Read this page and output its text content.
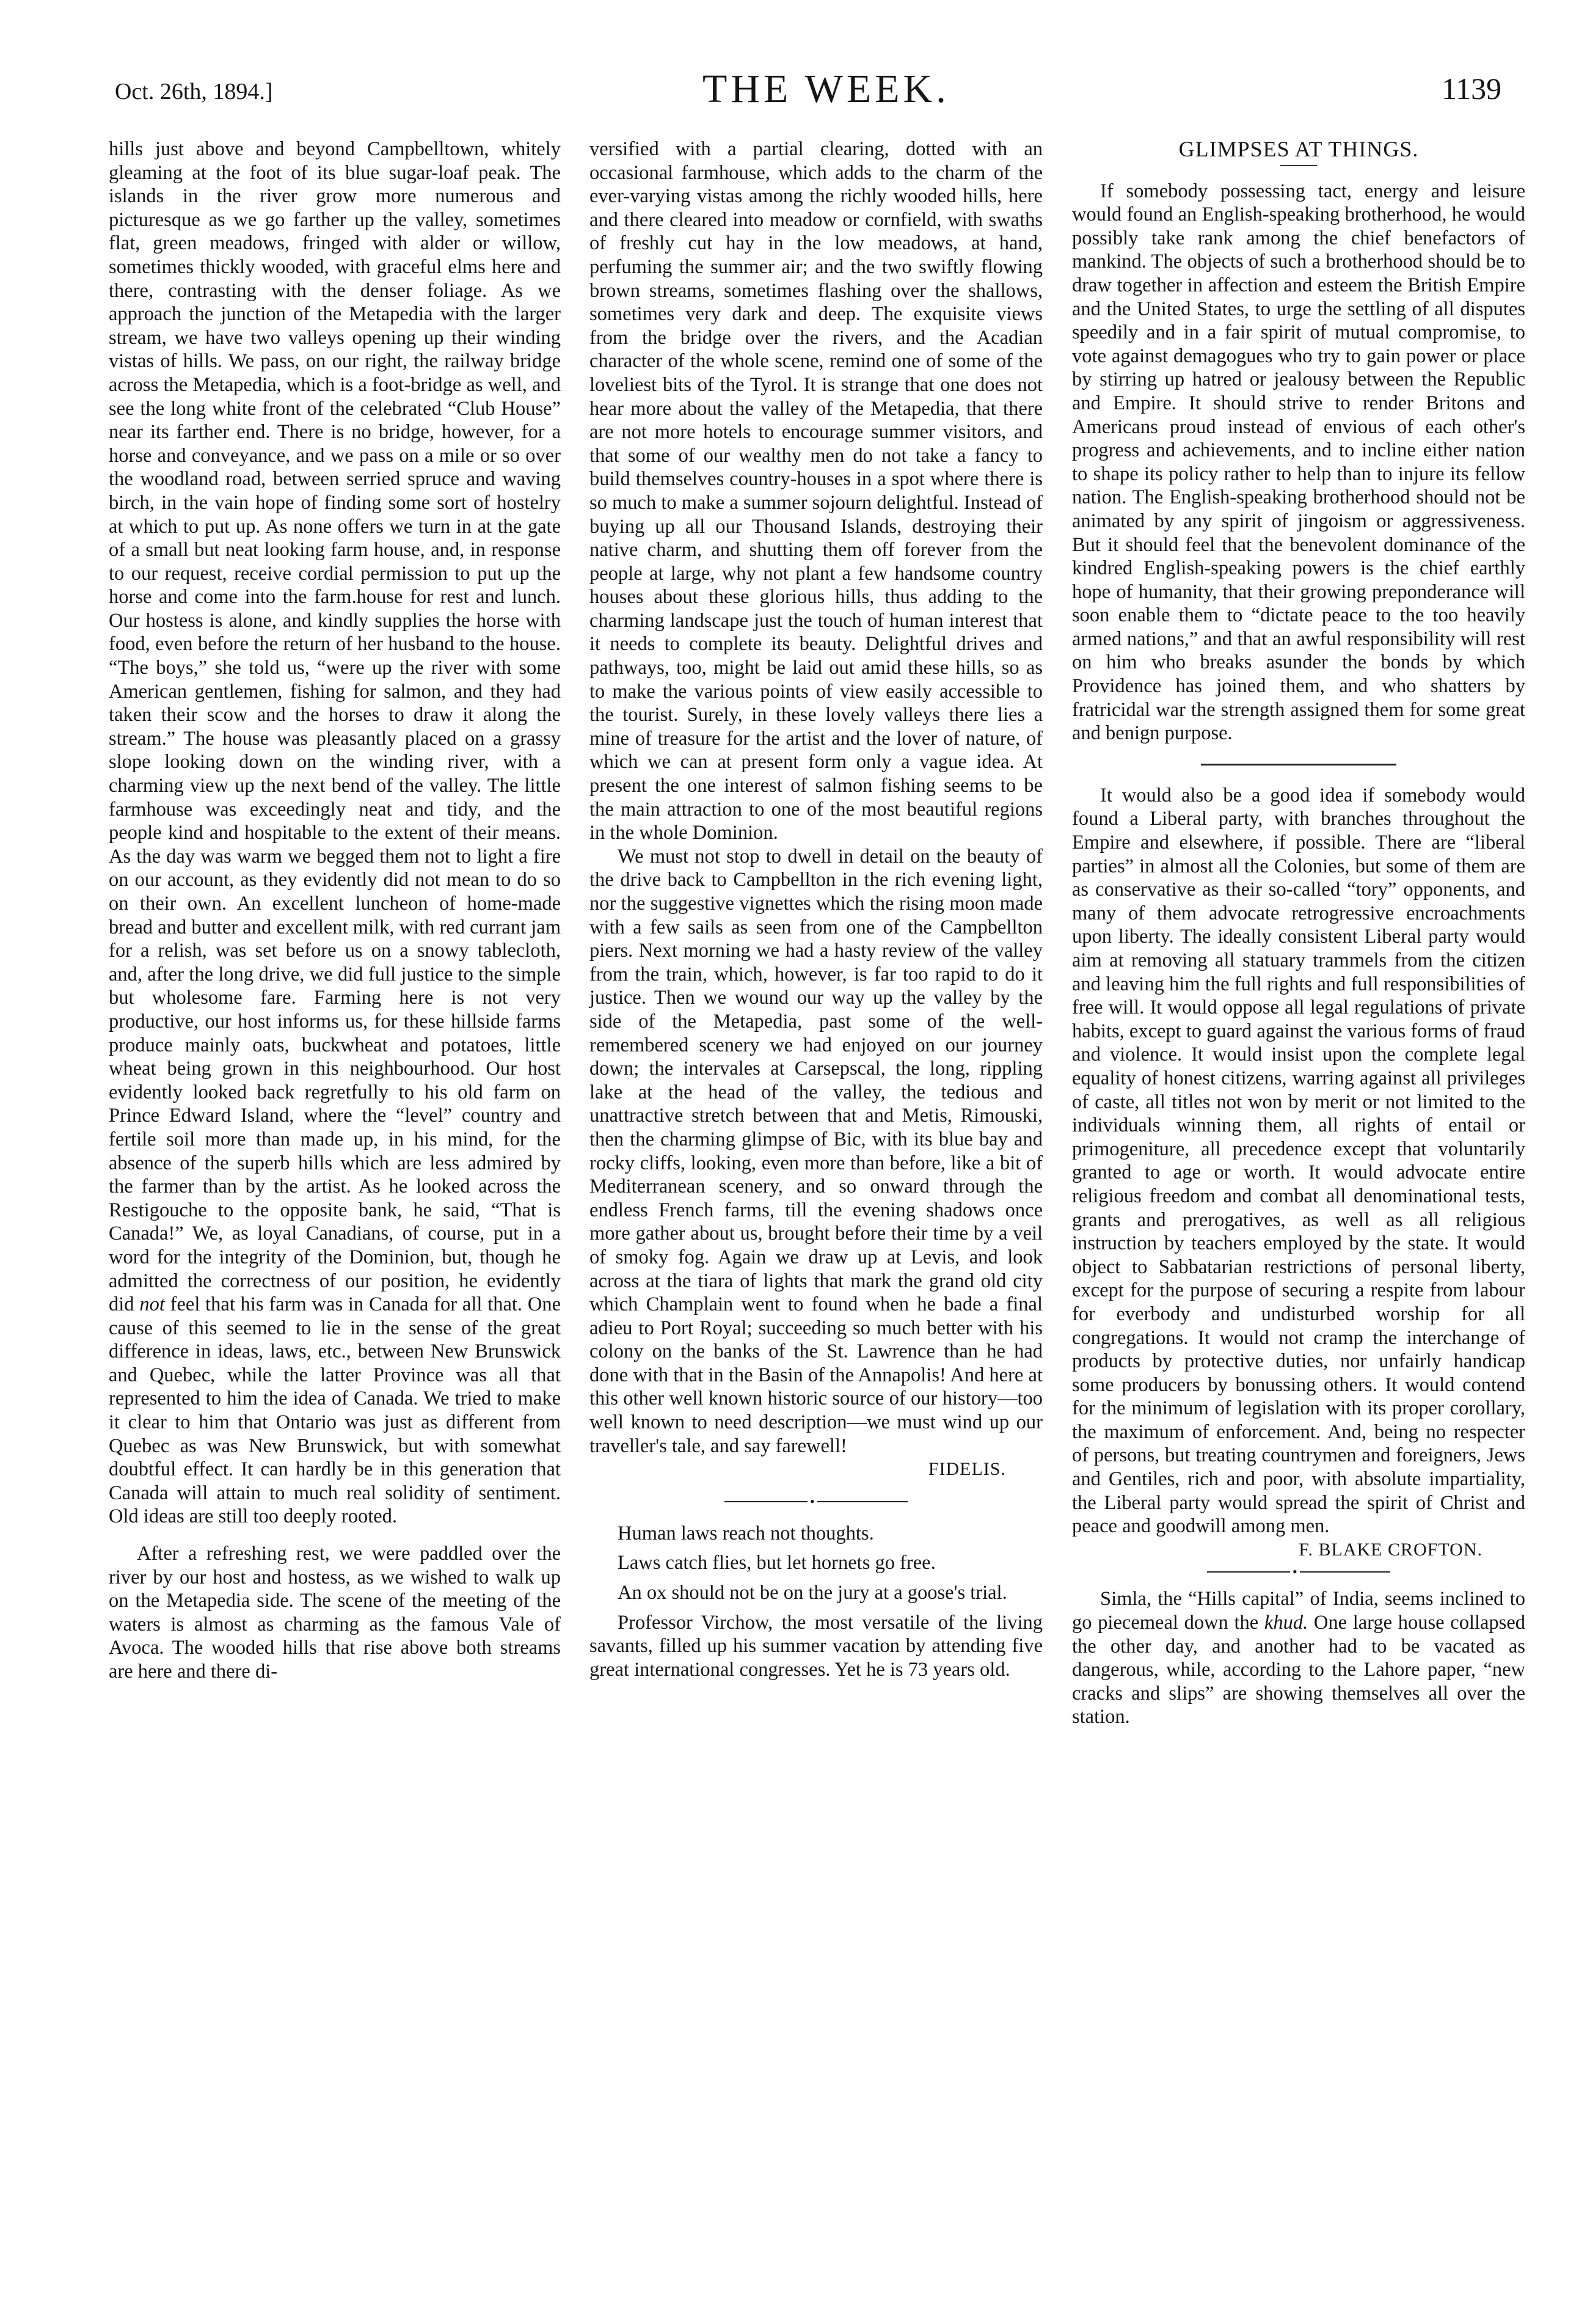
Oct. 26th, 1894.]	THE WEEK.	1139

hills just above and beyond Campbelltown, whitely gleaming at the foot of its blue sugar-loaf peak. The islands in the river grow more numerous and picturesque as we go farther up the valley, sometimes flat, green meadows, fringed with alder or willow, sometimes thickly wooded, with graceful elms here and there, contrasting with the denser foliage. As we approach the junction of the Metapedia with the larger stream, we have two valleys opening up their winding vistas of hills. We pass, on our right, the railway bridge across the Metapedia, which is a foot-bridge as well, and see the long white front of the celebrated “Club House” near its farther end. There is no bridge, however, for a horse and conveyance, and we pass on a mile or so over the woodland road, between serried spruce and waving birch, in the vain hope of finding some sort of hostelry at which to put up. As none offers we turn in at the gate of a small but neat looking farm house, and, in response to our request, receive cordial permission to put up the horse and come into the farm.house for rest and lunch. Our hostess is alone, and kindly supplies the horse with food, even before the return of her husband to the house. “The boys,” she told us, “were up the river with some American gentlemen, fishing for salmon, and they had taken their scow and the horses to draw it along the stream.” The house was pleasantly placed on a grassy slope looking down on the winding river, with a charming view up the next bend of the valley. The little farmhouse was exceedingly neat and tidy, and the people kind and hospitable to the extent of their means. As the day was warm we begged them not to light a fire on our account, as they evidently did not mean to do so on their own. An excellent luncheon of home-made bread and butter and excellent milk, with red currant jam for a relish, was set before us on a snowy tablecloth, and, after the long drive, we did full justice to the simple but wholesome fare. Farming here is not very productive, our host informs us, for these hillside farms produce mainly oats, buckwheat and potatoes, little wheat being grown in this neighbourhood. Our host evidently looked back regretfully to his old farm on Prince Edward Island, where the “level” country and fertile soil more than made up, in his mind, for the absence of the superb hills which are less admired by the farmer than by the artist. As he looked across the Restigouche to the opposite bank, he said, “That is Canada!” We, as loyal Canadians, of course, put in a word for the integrity of the Dominion, but, though he admitted the correctness of our position, he evidently did not feel that his farm was in Canada for all that. One cause of this seemed to lie in the sense of the great difference in ideas, laws, etc., between New Brunswick and Quebec, while the latter Province was all that represented to him the idea of Canada. We tried to make it clear to him that Ontario was just as different from Quebec as was New Brunswick, but with somewhat doubtful effect. It can hardly be in this generation that Canada will attain to much real solidity of sentiment. Old ideas are still too deeply rooted.

After a refreshing rest, we were paddled over the river by our host and hostess, as we wished to walk up on the Metapedia side. The scene of the meeting of the waters is almost as charming as the famous Vale of Avoca. The wooded hills that rise above both streams are here and there di-

versified with a partial clearing, dotted with an occasional farmhouse, which adds to the charm of the ever-varying vistas among the richly wooded hills, here and there cleared into meadow or cornfield, with swaths of freshly cut hay in the low meadows, at hand, perfuming the summer air; and the two swiftly flowing brown streams, sometimes flashing over the shallows, sometimes very dark and deep. The exquisite views from the bridge over the rivers, and the Acadian character of the whole scene, remind one of some of the loveliest bits of the Tyrol. It is strange that one does not hear more about the valley of the Metapedia, that there are not more hotels to encourage summer visitors, and that some of our wealthy men do not take a fancy to build themselves country-houses in a spot where there is so much to make a summer sojourn delightful. Instead of buying up all our Thousand Islands, destroying their native charm, and shutting them off forever from the people at large, why not plant a few handsome country houses about these glorious hills, thus adding to the charming landscape just the touch of human interest that it needs to complete its beauty. Delightful drives and pathways, too, might be laid out amid these hills, so as to make the various points of view easily accessible to the tourist. Surely, in these lovely valleys there lies a mine of treasure for the artist and the lover of nature, of which we can at present form only a vague idea. At present the one interest of salmon fishing seems to be the main attraction to one of the most beautiful regions in the whole Dominion.

We must not stop to dwell in detail on the beauty of the drive back to Campbellton in the rich evening light, nor the suggestive vignettes which the rising moon made with a few sails as seen from one of the Campbellton piers. Next morning we had a hasty review of the valley from the train, which, however, is far too rapid to do it justice. Then we wound our way up the valley by the side of the Metapedia, past some of the well-remembered scenery we had enjoyed on our journey down; the intervales at Carsepscal, the long, rippling lake at the head of the valley, the tedious and unattractive stretch between that and Metis, Rimouski, then the charming glimpse of Bic, with its blue bay and rocky cliffs, looking, even more than before, like a bit of Mediterranean scenery, and so onward through the endless French farms, till the evening shadows once more gather about us, brought before their time by a veil of smoky fog. Again we draw up at Levis, and look across at the tiara of lights that mark the grand old city which Champlain went to found when he bade a final adieu to Port Royal; succeeding so much better with his colony on the banks of the St. Lawrence than he had done with that in the Basin of the Annapolis! And here at this other well known historic source of our history—too well known to need description—we must wind up our traveller's tale, and say farewell!

FIDELIS.

•

Human laws reach not thoughts.

Laws catch flies, but let hornets go free.

An ox should not be on the jury at a goose's trial.

Professor Virchow, the most versatile of the living savants, filled up his summer vacation by attending five great international congresses. Yet he is 73 years old.

GLIMPSES AT THINGS.

If somebody possessing tact, energy and leisure would found an English-speaking brotherhood, he would possibly take rank among the chief benefactors of mankind. The objects of such a brotherhood should be to draw together in affection and esteem the British Empire and the United States, to urge the settling of all disputes speedily and in a fair spirit of mutual compromise, to vote against demagogues who try to gain power or place by stirring up hatred or jealousy between the Republic and Empire. It should strive to render Britons and Americans proud instead of envious of each other's progress and achievements, and to incline either nation to shape its policy rather to help than to injure its fellow nation. The English-speaking brotherhood should not be animated by any spirit of jingoism or aggressiveness. But it should feel that the benevolent dominance of the kindred English-speaking powers is the chief earthly hope of humanity, that their growing preponderance will soon enable them to “dictate peace to the too heavily armed nations,” and that an awful responsibility will rest on him who breaks asunder the bonds by which Providence has joined them, and who shatters by fratricidal war the strength assigned them for some great and benign purpose.

It would also be a good idea if somebody would found a Liberal party, with branches throughout the Empire and elsewhere, if possible. There are “liberal parties” in almost all the Colonies, but some of them are as conservative as their so-called “tory” opponents, and many of them advocate retrogressive encroachments upon liberty. The ideally consistent Liberal party would aim at removing all statuary trammels from the citizen and leaving him the full rights and full responsibilities of free will. It would oppose all legal regulations of private habits, except to guard against the various forms of fraud and violence. It would insist upon the complete legal equality of honest citizens, warring against all privileges of caste, all titles not won by merit or not limited to the individuals winning them, all rights of entail or primogeniture, all precedence except that voluntarily granted to age or worth. It would advocate entire religious freedom and combat all denominational tests, grants and prerogatives, as well as all religious instruction by teachers employed by the state. It would object to Sabbatarian restrictions of personal liberty, except for the purpose of securing a respite from labour for everbody and undisturbed worship for all congregations. It would not cramp the interchange of products by protective duties, nor unfairly handicap some producers by bonussing others. It would contend for the minimum of legislation with its proper corollary, the maximum of enforcement. And, being no respecter of persons, but treating countrymen and foreigners, Jews and Gentiles, rich and poor, with absolute impartiality, the Liberal party would spread the spirit of Christ and peace and goodwill among men.

F. BLAKE CROFTON.

•

Simla, the “Hills capital” of India, seems inclined to go piecemeal down the khud. One large house collapsed the other day, and another had to be vacated as dangerous, while, according to the Lahore paper, “new cracks and slips” are showing themselves all over the station.
